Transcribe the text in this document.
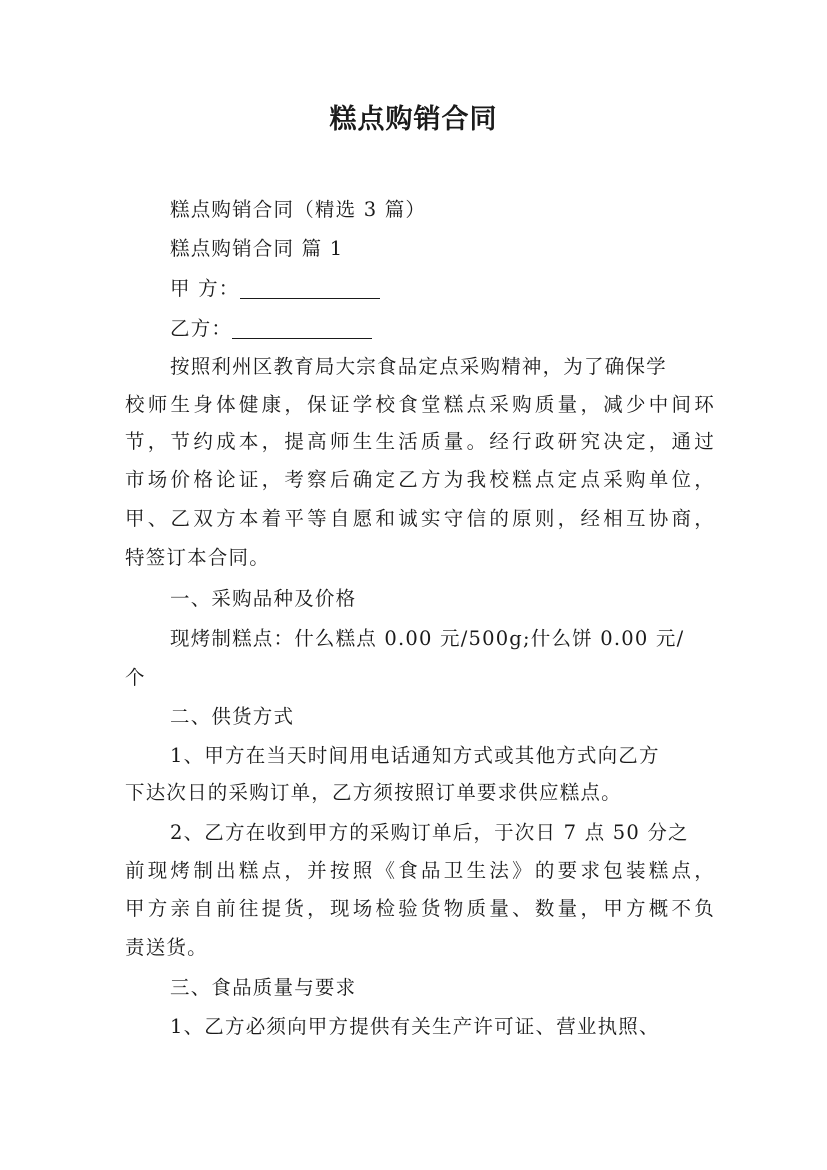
糕点购销合同
糕点购销合同（精选 3 篇）
糕点购销合同 篇 1
甲 方：
乙方：
按照利州区教育局大宗食品定点采购精神，为了确保学
校师生身体健康，保证学校食堂糕点采购质量，减少中间环
节，节约成本，提高师生生活质量。经行政研究决定，通过
市场价格论证，考察后确定乙方为我校糕点定点采购单位，
甲、乙双方本着平等自愿和诚实守信的原则，经相互协商，
特签订本合同。
一、采购品种及价格
现烤制糕点：什么糕点 0.00 元/500g;什么饼 0.00 元/
个
二、供货方式
1、甲方在当天时间用电话通知方式或其他方式向乙方
下达次日的采购订单，乙方须按照订单要求供应糕点。
2、乙方在收到甲方的采购订单后，于次日 7 点 50 分之
前现烤制出糕点，并按照《食品卫生法》的要求包装糕点，
甲方亲自前往提货，现场检验货物质量、数量，甲方概不负
责送货。
三、食品质量与要求
1、乙方必须向甲方提供有关生产许可证、营业执照、
